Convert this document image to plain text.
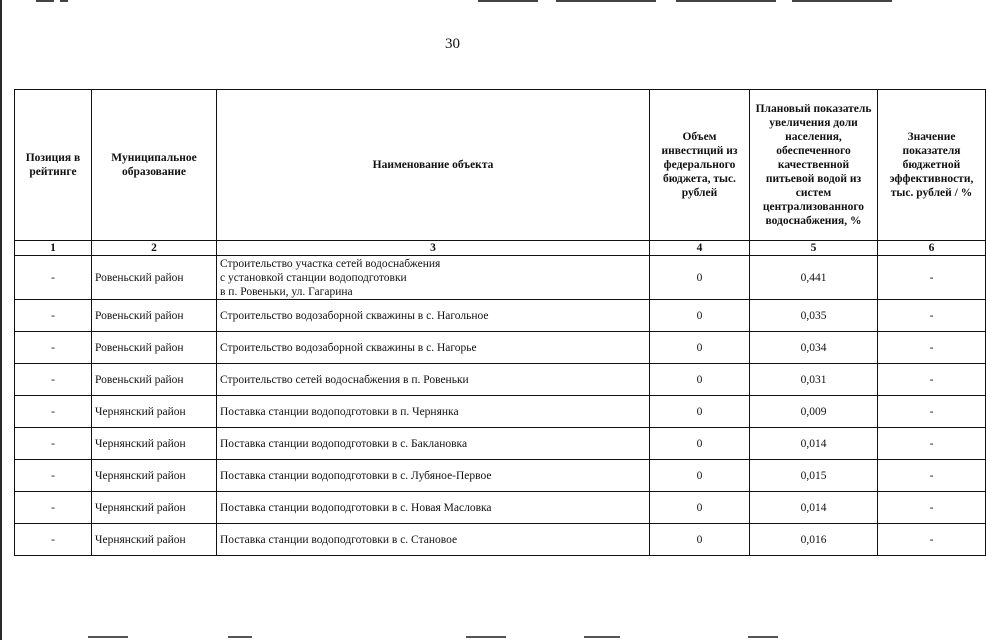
30
Позиция в рейтинге	Муниципальное образование	Наименование объекта	Объем инвестиций из федерального бюджета, тыс. рублей	Плановый показатель увеличения доли населения, обеспеченного качественной питьевой водой из систем централизованного водоснабжения, %	Значение показателя бюджетной эффективности, тыс. рублей / %
1	2	3	4	5	6
-	Ровеньский район	Строительство участка сетей водоснабжения
с установкой станции водоподготовки
в п. Ровеньки, ул. Гагарина	0	0,441	-
-	Ровеньский район	Строительство водозаборной скважины в с. Нагольное	0	0,035	-
-	Ровеньский район	Строительство водозаборной скважины в с. Нагорье	0	0,034	-
-	Ровеньский район	Строительство сетей водоснабжения в п. Ровеньки	0	0,031	-
-	Чернянский район	Поставка станции водоподготовки в п. Чернянка	0	0,009	-
-	Чернянский район	Поставка станции водоподготовки в с. Баклановка	0	0,014	-
-	Чернянский район	Поставка станции водоподготовки в с. Лубяное-Первое	0	0,015	-
-	Чернянский район	Поставка станции водоподготовки в с. Новая Масловка	0	0,014	-
-	Чернянский район	Поставка станции водоподготовки в с. Становое	0	0,016	-
